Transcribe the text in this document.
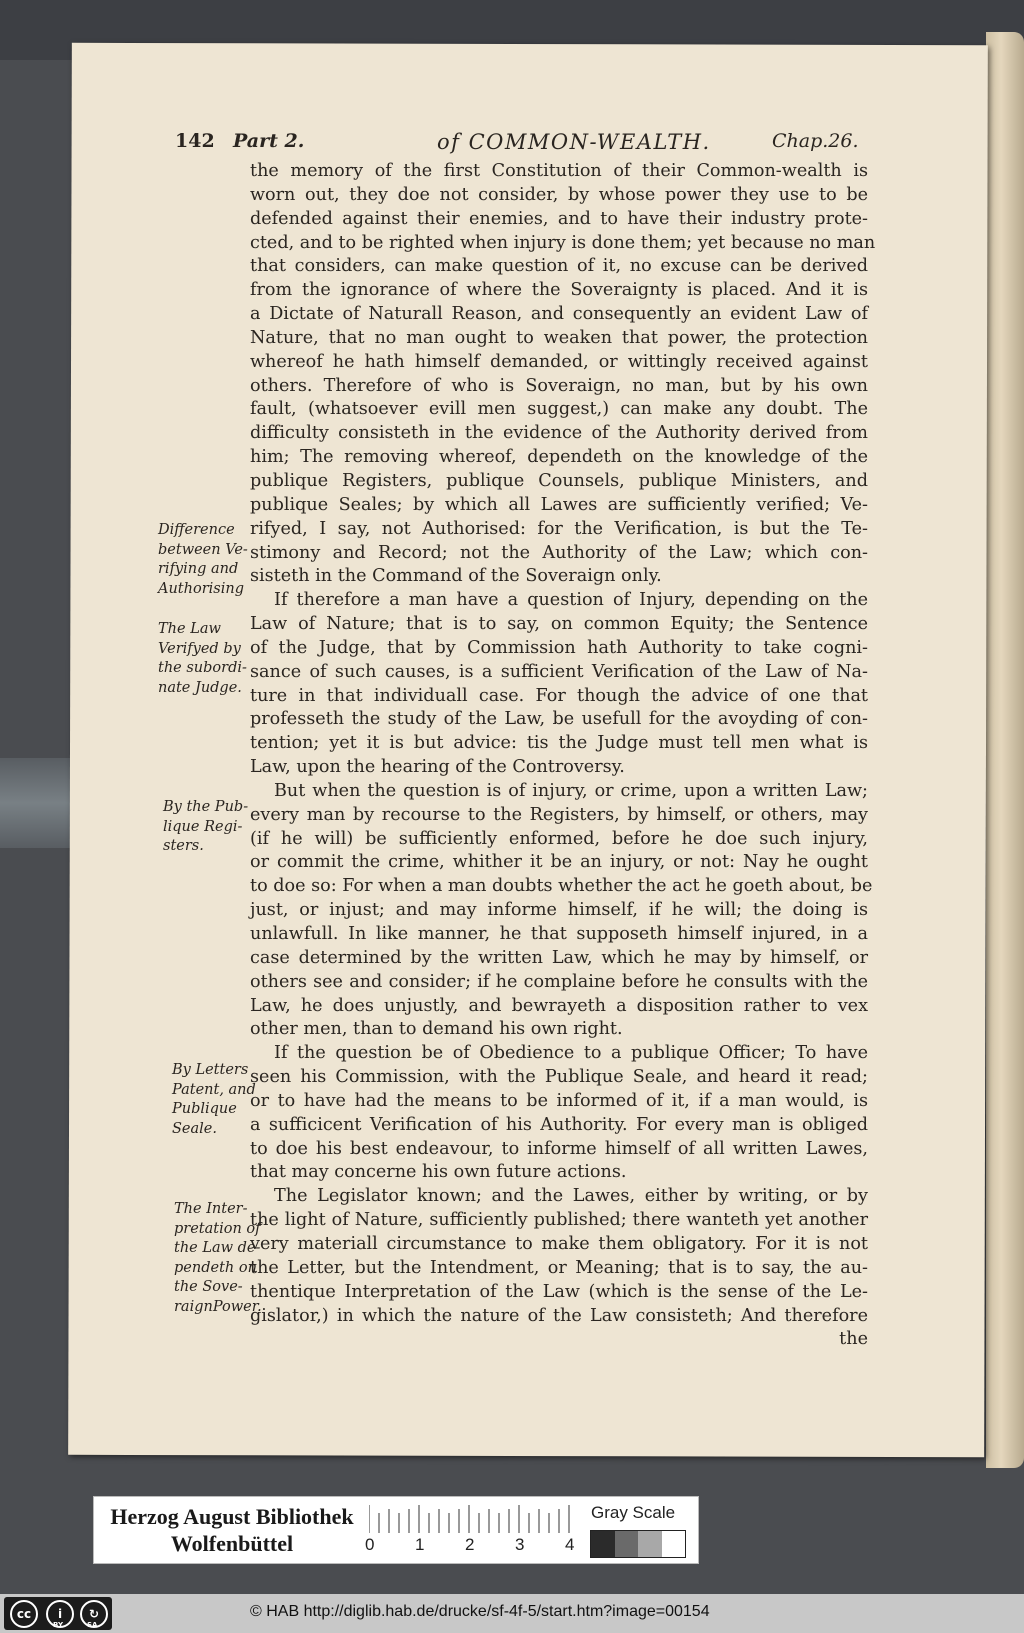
142 Part 2.	of COMMON-WEALTH.	Chap.26.
the memory of the first Constitution of their Common-wealth is
worn out, they doe not consider, by whose power they use to be
defended against their enemies, and to have their industry prote-
cted, and to be righted when injury is done them; yet because no man
that considers, can make question of it, no excuse can be derived
from the ignorance of where the Soveraignty is placed. And it is
a Dictate of Naturall Reason, and consequently an evident Law of
Nature, that no man ought to weaken that power, the protection
whereof he hath himself demanded, or wittingly received against
others. Therefore of who is Soveraign, no man, but by his own
fault, (whatsoever evill men suggest,) can make any doubt. The
difficulty consisteth in the evidence of the Authority derived from
him; The removing whereof, dependeth on the knowledge of the
publique Registers, publique Counsels, publique Ministers, and
publique Seales; by which all Lawes are sufficiently verified; Ve-
rifyed, I say, not Authorised: for the Verification, is but the Te-
stimony and Record; not the Authority of the Law; which con-
sisteth in the Command of the Soveraign only.
If therefore a man have a question of Injury, depending on the
Law of Nature; that is to say, on common Equity; the Sentence
of the Judge, that by Commission hath Authority to take cogni-
sance of such causes, is a sufficient Verification of the Law of Na-
ture in that individuall case. For though the advice of one that
professeth the study of the Law, be usefull for the avoyding of con-
tention; yet it is but advice: tis the Judge must tell men what is
Law, upon the hearing of the Controversy.
But when the question is of injury, or crime, upon a written Law;
every man by recourse to the Registers, by himself, or others, may
(if he will) be sufficiently enformed, before he doe such injury,
or commit the crime, whither it be an injury, or not: Nay he ought
to doe so: For when a man doubts whether the act he goeth about, be
just, or injust; and may informe himself, if he will; the doing is
unlawfull. In like manner, he that supposeth himself injured, in a
case determined by the written Law, which he may by himself, or
others see and consider; if he complaine before he consults with the
Law, he does unjustly, and bewrayeth a disposition rather to vex
other men, than to demand his own right.
If the question be of Obedience to a publique Officer; To have
seen his Commission, with the Publique Seale, and heard it read;
or to have had the means to be informed of it, if a man would, is
a sufficicent Verification of his Authority. For every man is obliged
to doe his best endeavour, to informe himself of all written Lawes,
that may concerne his own future actions.
The Legislator known; and the Lawes, either by writing, or by
the light of Nature, sufficiently published; there wanteth yet another
very materiall circumstance to make them obligatory. For it is not
the Letter, but the Intendment, or Meaning; that is to say, the au-
thentique Interpretation of the Law (which is the sense of the Le-
gislator,) in which the nature of the Law consisteth; And therefore
the
Difference
between Ve-
rifying and
Authorising
The Law
Verifyed by
the subordi-
nate Judge.
By the Pub-
lique Regi-
sters.
By Letters
Patent, and
Publique
Seale.
The Inter-
pretation of
the Law de-
pendeth on
the Sove-
raignPower.
Herzog August Bibliothek
Wolfenbüttel	0 1 2 3 4
Gray Scale
cc	i	↻
BY	SA
© HAB http://diglib.hab.de/drucke/sf-4f-5/start.htm?image=00154
